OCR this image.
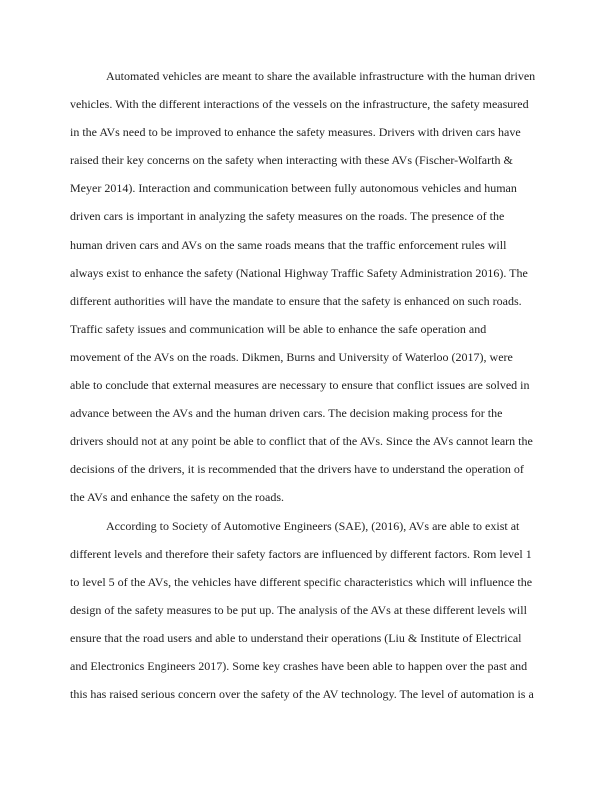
Automated vehicles are meant to share the available infrastructure with the human driven
vehicles. With the different interactions of the vessels on the infrastructure, the safety measured
in the AVs need to be improved to enhance the safety measures. Drivers with driven cars have
raised their key concerns on the safety when interacting with these AVs (Fischer-Wolfarth &
Meyer 2014). Interaction and communication between fully autonomous vehicles and human
driven cars is important in analyzing the safety measures on the roads. The presence of the
human driven cars and AVs on the same roads means that the traffic enforcement rules will
always exist to enhance the safety (National Highway Traffic Safety Administration 2016). The
different authorities will have the mandate to ensure that the safety is enhanced on such roads.
Traffic safety issues and communication will be able to enhance the safe operation and
movement of the AVs on the roads. Dikmen, Burns and University of Waterloo (2017), were
able to conclude that external measures are necessary to ensure that conflict issues are solved in
advance between the AVs and the human driven cars. The decision making process for the
drivers should not at any point be able to conflict that of the AVs. Since the AVs cannot learn the
decisions of the drivers, it is recommended that the drivers have to understand the operation of
the AVs and enhance the safety on the roads.
According to Society of Automotive Engineers (SAE), (2016), AVs are able to exist at
different levels and therefore their safety factors are influenced by different factors. Rom level 1
to level 5 of the AVs, the vehicles have different specific characteristics which will influence the
design of the safety measures to be put up. The analysis of the AVs at these different levels will
ensure that the road users and able to understand their operations (Liu & Institute of Electrical
and Electronics Engineers 2017). Some key crashes have been able to happen over the past and
this has raised serious concern over the safety of the AV technology. The level of automation is a
